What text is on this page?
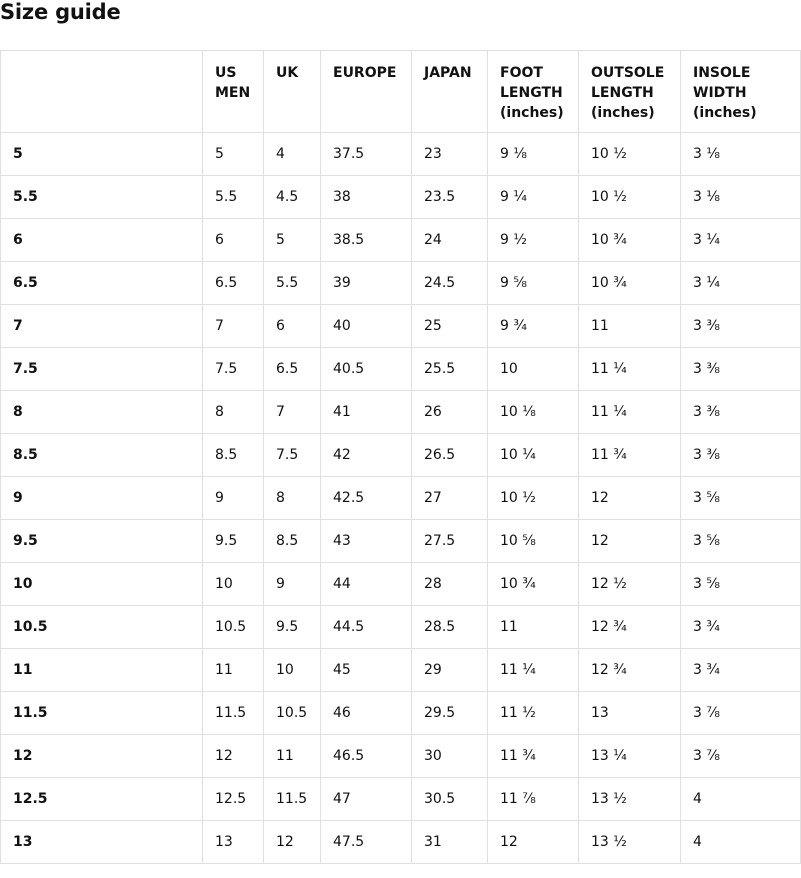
Size guide
	US MEN	UK	EUROPE	JAPAN	FOOT LENGTH (inches)	OUTSOLE LENGTH (inches)	INSOLE WIDTH (inches)
5	5	4	37.5	23	9 ⅛	10 ½	3 ⅛
5.5	5.5	4.5	38	23.5	9 ¼	10 ½	3 ⅛
6	6	5	38.5	24	9 ½	10 ¾	3 ¼
6.5	6.5	5.5	39	24.5	9 ⅝	10 ¾	3 ¼
7	7	6	40	25	9 ¾	11	3 ⅜
7.5	7.5	6.5	40.5	25.5	10	11 ¼	3 ⅜
8	8	7	41	26	10 ⅛	11 ¼	3 ⅜
8.5	8.5	7.5	42	26.5	10 ¼	11 ¾	3 ⅜
9	9	8	42.5	27	10 ½	12	3 ⅝
9.5	9.5	8.5	43	27.5	10 ⅝	12	3 ⅝
10	10	9	44	28	10 ¾	12 ½	3 ⅝
10.5	10.5	9.5	44.5	28.5	11	12 ¾	3 ¾
11	11	10	45	29	11 ¼	12 ¾	3 ¾
11.5	11.5	10.5	46	29.5	11 ½	13	3 ⅞
12	12	11	46.5	30	11 ¾	13 ¼	3 ⅞
12.5	12.5	11.5	47	30.5	11 ⅞	13 ½	4
13	13	12	47.5	31	12	13 ½	4
